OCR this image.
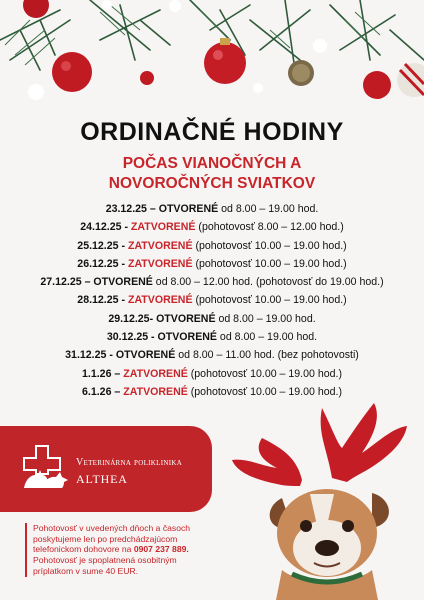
ORDINAČNÉ HODINY
POČAS VIANOČNÝCH A
NOVOROČNÝCH SVIATKOV
23.12.25 – OTVORENÉ od 8.00 – 19.00 hod.
24.12.25 - ZATVORENÉ (pohotovosť 8.00 – 12.00 hod.)
25.12.25 - ZATVORENÉ (pohotovosť 10.00 – 19.00 hod.)
26.12.25 - ZATVORENÉ (pohotovosť 10.00 – 19.00 hod.)
27.12.25 – OTVORENÉ od 8.00 – 12.00 hod. (pohotovosť do 19.00 hod.)
28.12.25 - ZATVORENÉ (pohotovosť 10.00 – 19.00 hod.)
29.12.25- OTVORENÉ od 8.00 – 19.00 hod.
30.12.25 - OTVORENÉ od 8.00 – 19.00 hod.
31.12.25 - OTVORENÉ od 8.00 – 11.00 hod. (bez pohotovosti)
1.1.26 – ZATVORENÉ (pohotovosť 10.00 – 19.00 hod.)
6.1.26 – ZATVORENÉ (pohotovosť 10.00 – 19.00 hod.)
Veterinárna poliklinika
ALTHEA

Pohotovosť v uvedených dňoch a časoch

poskytujeme len po predchádzajúcom

telefonickom dohovore na 0907 237 889.

Pohotovosť je spoplatnená osobitným

príplatkom v sume 40 EUR.
